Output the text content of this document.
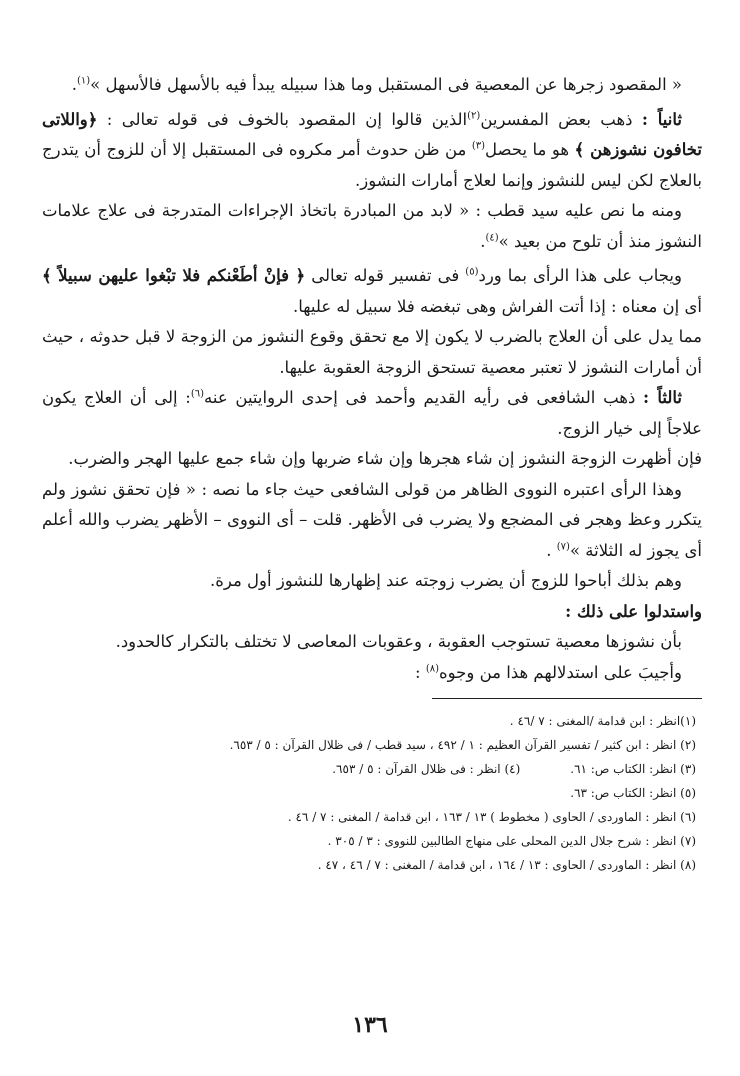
« المقصود زجرها عن المعصية فى المستقبل وما هذا سبيله يبدأ فيه بالأسهل فالأسهل »$^{(١)}$.

ثانياً : ذهب بعض المفسرين$^{(٢)}$الذين قالوا إن المقصود بالخوف فى قوله تعالى : ﴿واللاتى تخافون نشوزهن ﴾ هو ما يحصل$^{(٣)}$ من ظن حدوث أمر مكروه فى المستقبل إلا أن للزوج أن يتدرج بالعلاج لكن ليس للنشوز وإنما لعلاج أمارات النشوز.

ومنه ما نص عليه سيد قطب : « لابد من المبادرة باتخاذ الإجراءات المتدرجة فى علاج علامات النشوز منذ أن تلوح من بعيد »$^{(٤)}$.

ويجاب على هذا الرأى بما ورد$^{(٥)}$ فى تفسير قوله تعالى ﴿ فإنْ أطَعْنكم فلا تبْغوا عليهن سبيلاً ﴾ أى إن معناه : إذا أتت الفراش وهى تبغضه فلا سبيل له عليها.

مما يدل على أن العلاج بالضرب لا يكون إلا مع تحقق وقوع النشوز من الزوجة لا قبل حدوثه ، حيث أن أمارات النشوز لا تعتبر معصية تستحق الزوجة العقوبة عليها.

ثالثاً : ذهب الشافعى فى رأيه القديم وأحمد فى إحدى الروايتين عنه$^{(٦)}$: إلى أن العلاج يكون علاجاً إلى خيار الزوج.

فإن أظهرت الزوجة النشوز إن شاء هجرها وإن شاء ضربها وإن شاء جمع عليها الهجر والضرب.

وهذا الرأى اعتبره النووى الظاهر من قولى الشافعى حيث جاء ما نصه : « فإن تحقق نشوز ولم يتكرر وعظ وهجر فى المضجع ولا يضرب فى الأظهر. قلت – أى النووى – الأظهر يضرب والله أعلم أى يجوز له الثلاثة »$^{(٧)}$ .

وهم بذلك أباحوا للزوج أن يضرب زوجته عند إظهارها للنشوز أول مرة.

واستدلوا على ذلك :

بأن نشوزها معصية تستوجب العقوبة ، وعقوبات المعاصى لا تختلف بالتكرار كالحدود.

وأجيبَ على استدلالهم هذا من وجوه$^{(٨)}$ :

(١)انظر : ابن قدامة /المغنى : ٧ /٤٦ .
(٢) انظر : ابن كثير / تفسير القرآن العظيم : ١ / ٤٩٢ ، سيد قطب / فى ظلال القرآن : ٥ / ٦٥٣.
(٣) انظر: الكتاب ص: ٦١.
(٤) انظر : فى ظلال القرآن : ٥ / ٦٥٣.
(٥) انظر: الكتاب ص: ٦٣.
(٦) انظر : الماوردى / الحاوى ( مخطوط ) ١٣ / ١٦٣ ، ابن قدامة / المغنى : ٧ / ٤٦ .
(٧) انظر : شرح جلال الدين المحلى على منهاج الطالبين للنووى : ٣ / ٣٠٥ .
(٨) انظر : الماوردى / الحاوى : ١٣ / ١٦٤ ، ابن قدامة / المغنى : ٧ / ٤٦ ، ٤٧ .
١٣٦
